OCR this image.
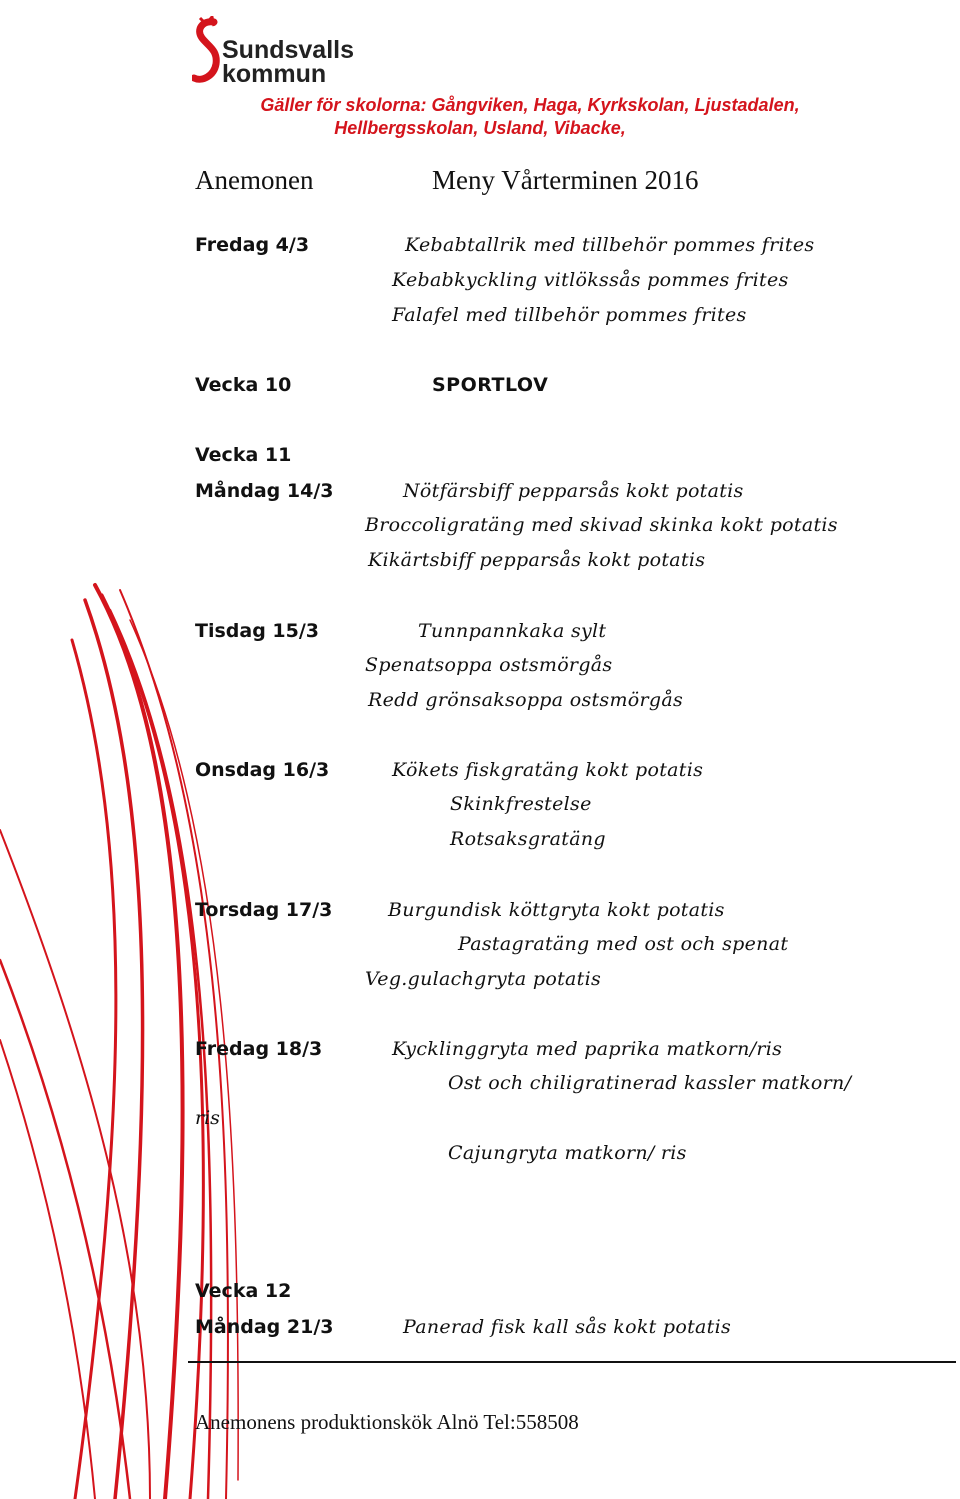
Sundsvalls
kommun
Gäller för skolorna: Gångviken, Haga, Kyrkskolan, Ljustadalen,
Hellbergsskolan, Usland, Vibacke,
Anemonen	Meny Vårterminen 2016
Fredag 4/3	Kebabtallrik med tillbehör pommes frites
Kebabkyckling vitlökssås pommes frites
Falafel med tillbehör pommes frites
Vecka 10	SPORTLOV
Vecka 11
Måndag 14/3	Nötfärsbiff pepparsås kokt potatis
Broccoligratäng med skivad skinka kokt potatis
Kikärtsbiff pepparsås kokt potatis
Tisdag 15/3	Tunnpannkaka sylt
Spenatsoppa ostsmörgås
Redd grönsaksoppa ostsmörgås
Onsdag 16/3	Kökets fiskgratäng kokt potatis
Skinkfrestelse
Rotsaksgratäng
Torsdag 17/3	Burgundisk köttgryta kokt potatis
Pastagratäng med ost och spenat
Veg.gulachgryta potatis
Fredag 18/3	Kycklinggryta med paprika matkorn/ris
Ost och chiligratinerad kassler matkorn/
ris
Cajungryta matkorn/ ris
Vecka 12
Måndag 21/3	Panerad fisk kall sås kokt potatis
Anemonens produktionskök Alnö Tel:558508
